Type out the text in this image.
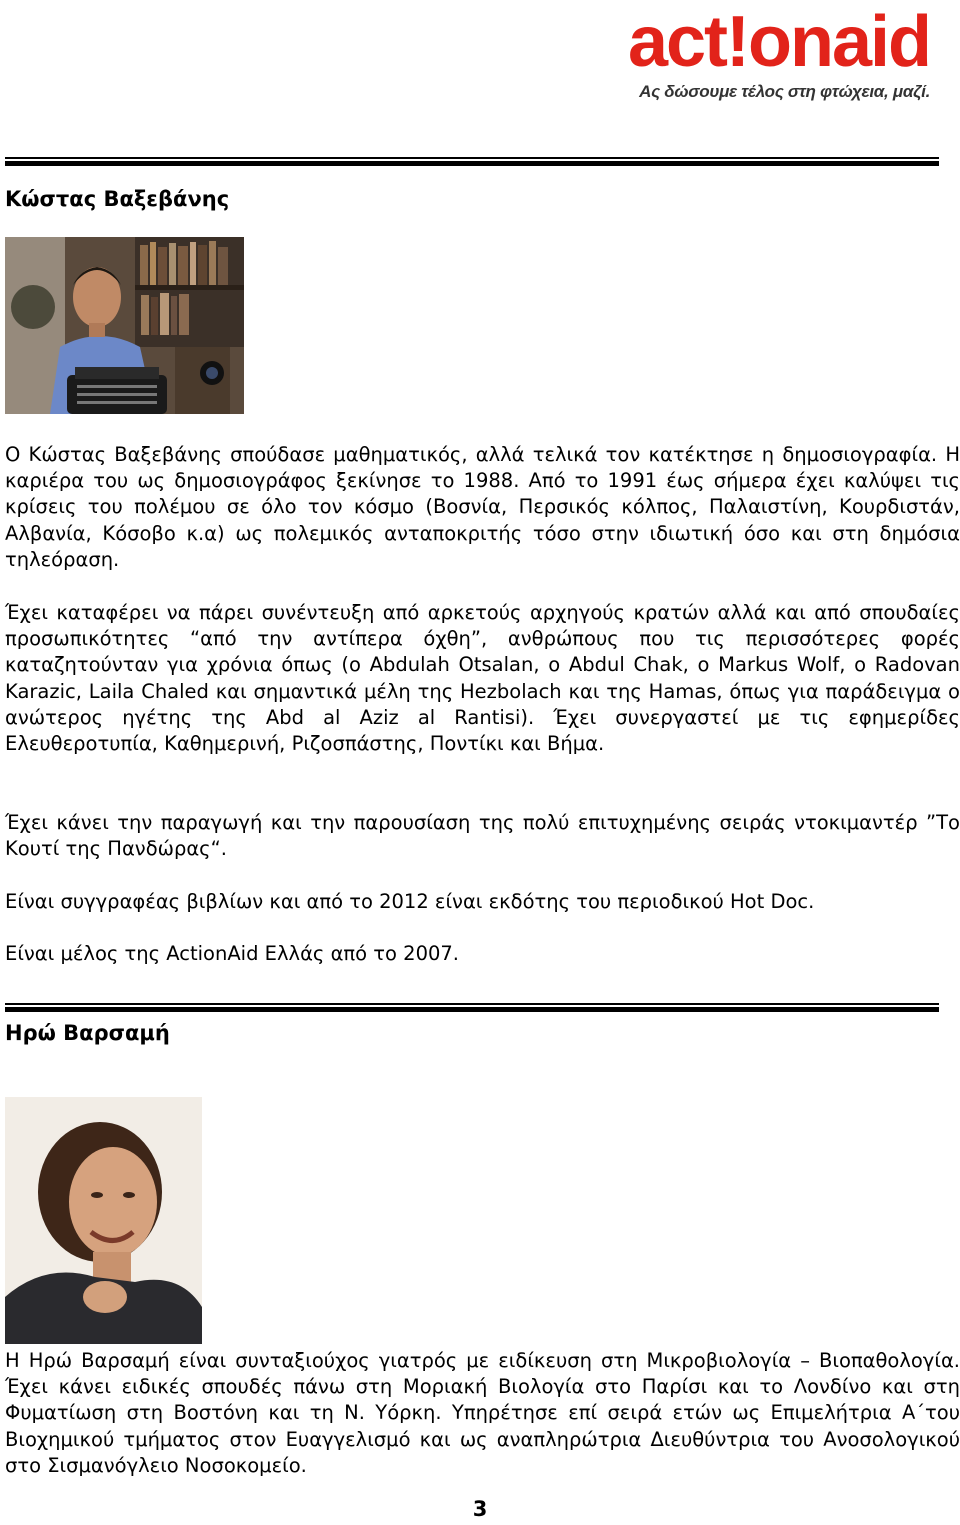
act!onaid
Ας δώσουμε τέλος στη φτώχεια, μαζί.
Κώστας Βαξεβάνης
Ο Κώστας Βαξεβάνης σπούδασε μαθηματικός, αλλά τελικά τον κατέκτησε η δημοσιογραφία. Η καριέρα του ως δημοσιογράφος ξεκίνησε το 1988. Από το 1991 έως σήμερα έχει καλύψει τις κρίσεις του πολέμου σε όλο τον κόσμο (Βοσνία, Περσικός κόλπος, Παλαιστίνη, Κουρδιστάν, Αλβανία, Κόσοβο κ.α) ως πολεμικός ανταποκριτής τόσο στην ιδιωτική όσο και στη δημόσια τηλεόραση.
Έχει καταφέρει να πάρει συνέντευξη από αρκετούς αρχηγούς κρατών αλλά και από σπουδαίες προσωπικότητες “από την αντίπερα όχθη”, ανθρώπους που τις περισσότερες φορές καταζητούνταν για χρόνια όπως (ο Abdulah Otsalan, ο Abdul Chak, ο Markus Wolf, ο Radovan Karazic, Laila Chaled και σημαντικά μέλη της Hezbolach και της Hamas, όπως για παράδειγμα ο ανώτερος ηγέτης της Abd al Aziz al Rantisi). Έχει συνεργαστεί με τις εφημερίδες Ελευθεροτυπία, Καθημερινή, Ριζοσπάστης, Ποντίκι και Βήμα.
Έχει κάνει την παραγωγή και την παρουσίαση της πολύ επιτυχημένης σειράς ντοκιμαντέρ ”Το Κουτί της Πανδώρας“.
Είναι συγγραφέας βιβλίων και από το 2012 είναι εκδότης του περιοδικού Hot Doc.
Είναι μέλος της ActionAid Ελλάς από το 2007.
Ηρώ Βαρσαμή
Η Ηρώ Βαρσαμή είναι συνταξιούχος γιατρός με ειδίκευση στη Μικροβιολογία – Βιοπαθολογία. Έχει κάνει ειδικές σπουδές πάνω στη Μοριακή Βιολογία στο Παρίσι και το Λονδίνο και στη Φυματίωση στη Βοστόνη και τη Ν. Υόρκη. Υπηρέτησε επί σειρά ετών ως Επιμελήτρια Α΄του Βιοχημικού τμήματος στον Ευαγγελισμό και ως αναπληρώτρια Διευθύντρια του Ανοσολογικού στο Σισμανόγλειο Νοσοκομείο.
3
